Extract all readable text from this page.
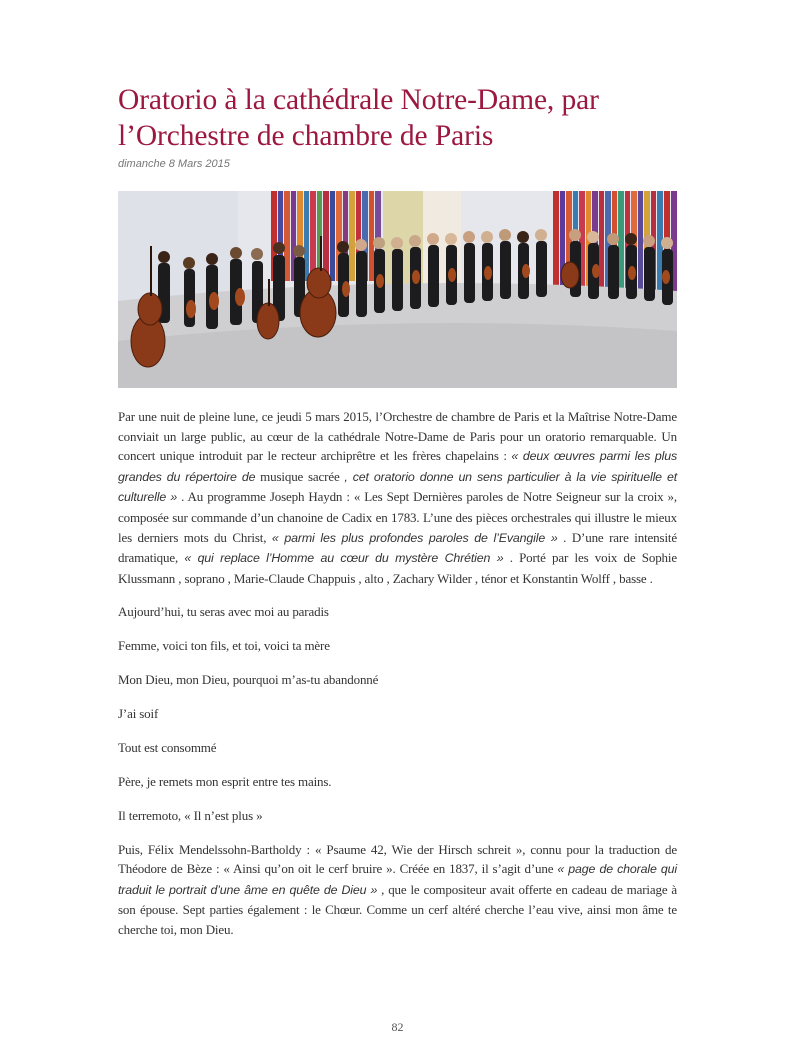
Oratorio à la cathédrale Notre-Dame, par l’Orchestre de chambre de Paris
dimanche 8 Mars 2015

Par une nuit de pleine lune, ce jeudi 5 mars 2015, l’Orchestre de chambre de Paris et la Maîtrise Notre-Dame conviait un large public, au cœur de la cathédrale Notre-Dame de Paris pour un oratorio remarquable. Un concert unique introduit par le recteur archiprêtre et les frères chapelains : « deux œuvres parmi les plus grandes du répertoire de musique sacrée , cet oratorio donne un sens particulier à la vie spirituelle et culturelle » . Au programme Joseph Haydn : « Les Sept Dernières paroles de Notre Seigneur sur la croix », composée sur commande d’un chanoine de Cadix en 1783. L’une des pièces orchestrales qui illustre le mieux les derniers mots du Christ, « parmi les plus profondes paroles de l’Evangile » . D’une rare intensité dramatique, « qui replace l’Homme au cœur du mystère Chrétien » . Porté par les voix de Sophie Klussmann , soprano , Marie-Claude Chappuis , alto , Zachary Wilder , ténor et Konstantin Wolff , basse .

Aujourd’hui, tu seras avec moi au paradis

Femme, voici ton fils, et toi, voici ta mère

Mon Dieu, mon Dieu, pourquoi m’as-tu abandonné

J’ai soif

Tout est consommé

Père, je remets mon esprit entre tes mains.

Il terremoto, « Il n’est plus »

Puis, Félix Mendelssohn-Bartholdy : « Psaume 42, Wie der Hirsch schreit », connu pour la traduction de Théodore de Bèze : « Ainsi qu’on oit le cerf bruire ». Créée en 1837, il s’agit d’une « page de chorale qui traduit le portrait d’une âme en quête de Dieu » , que le compositeur avait offerte en cadeau de mariage à son épouse. Sept parties également : le Chœur. Comme un cerf altéré cherche l’eau vive, ainsi mon âme te cherche toi, mon Dieu.

82
